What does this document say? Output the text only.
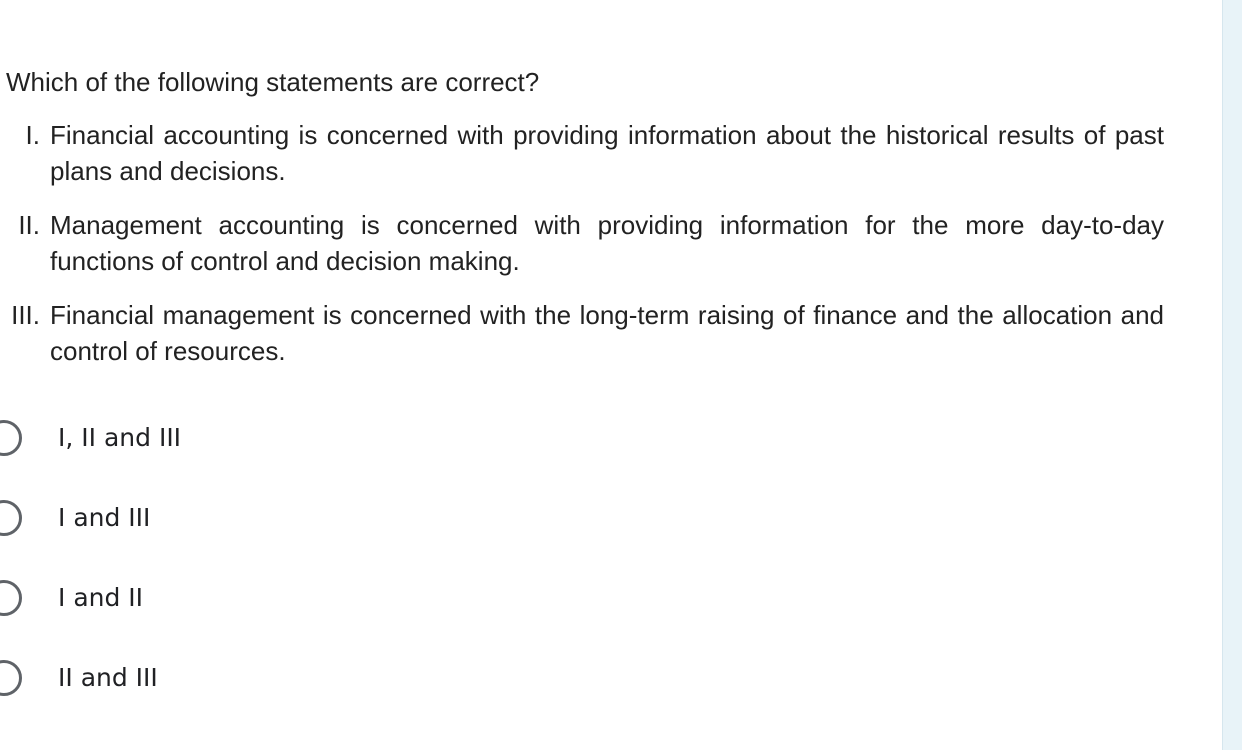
Which of the following statements are correct?
I. Financial accounting is concerned with providing information about the historical results of past plans and decisions.
II. Management accounting is concerned with providing information for the more day-to-day functions of control and decision making.
III. Financial management is concerned with the long-term raising of finance and the allocation and control of resources.
I, II and III
I and III
I and II
II and III
